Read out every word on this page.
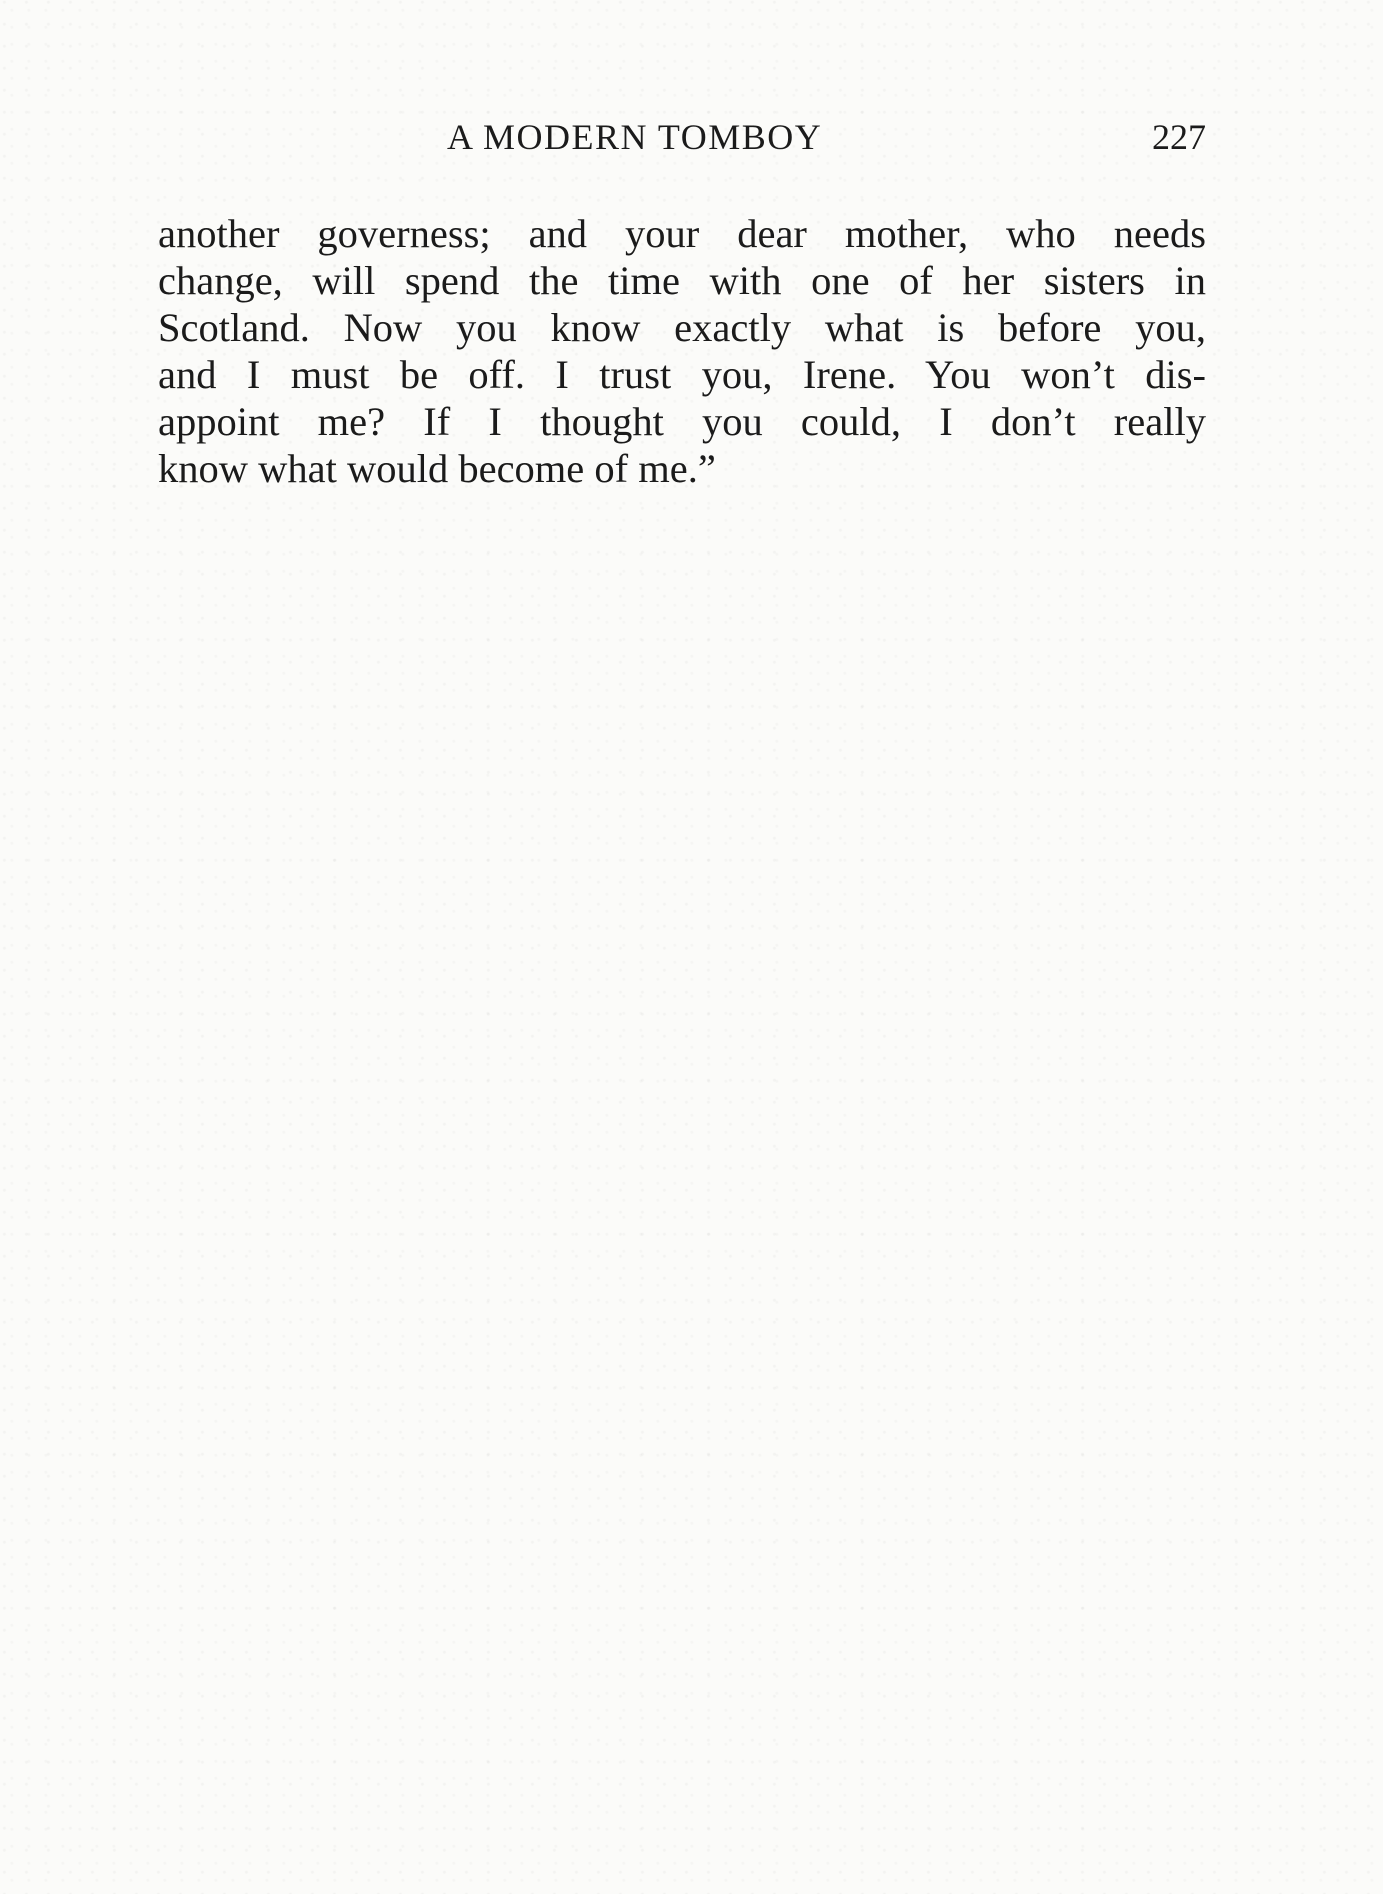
A MODERN TOMBOY	227
another governess; and your dear mother, who needs
change, will spend the time with one of her sisters in
Scotland. Now you know exactly what is before you,
and I must be off. I trust you, Irene. You won’t dis-
appoint me? If I thought you could, I don’t really
know what would become of me.”
